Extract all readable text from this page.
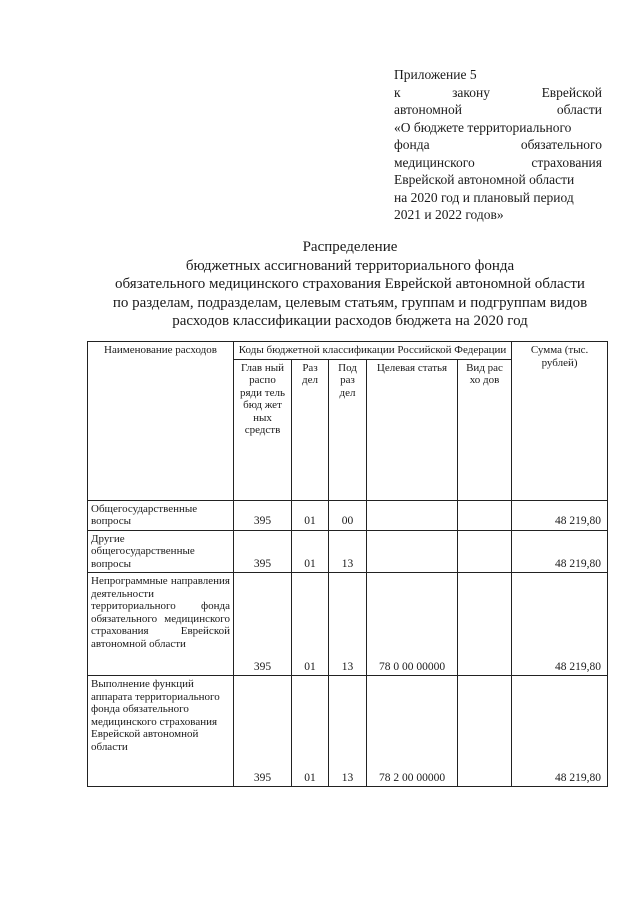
Приложение 5
к	закону	Еврейской
автономной	области
«О бюджете территориального
фонда	обязательного
медицинского	страхования
Еврейской автономной области
на 2020 год и плановый период
2021 и 2022 годов»
Распределение
бюджетных ассигнований территориального фонда
обязательного медицинского страхования Еврейской автономной области
по разделам, подразделам, целевым статьям, группам и подгруппам видов
расходов классификации расходов бюджета на 2020 год
Наименование расходов	Коды бюджетной классификации Российской Федерации					Сумма (тыс. рублей)
	Глав ный распо ряди тель бюд жет ных средств	Раз дел	Под раз дел	Целевая статья	Вид рас хо дов	
Общегосударственные вопросы	395	01	00			48 219,80
Другие общегосударственные вопросы	395	01	13			48 219,80
Непрограммные направления деятельности территориального фонда обязательного медицинского страхования Еврейской автономной области	395	01	13	78 0 00 00000		48 219,80
Выполнение функций аппарата территориального фонда обязательного медицинского страхования Еврейской автономной области	395	01	13	78 2 00 00000		48 219,80
